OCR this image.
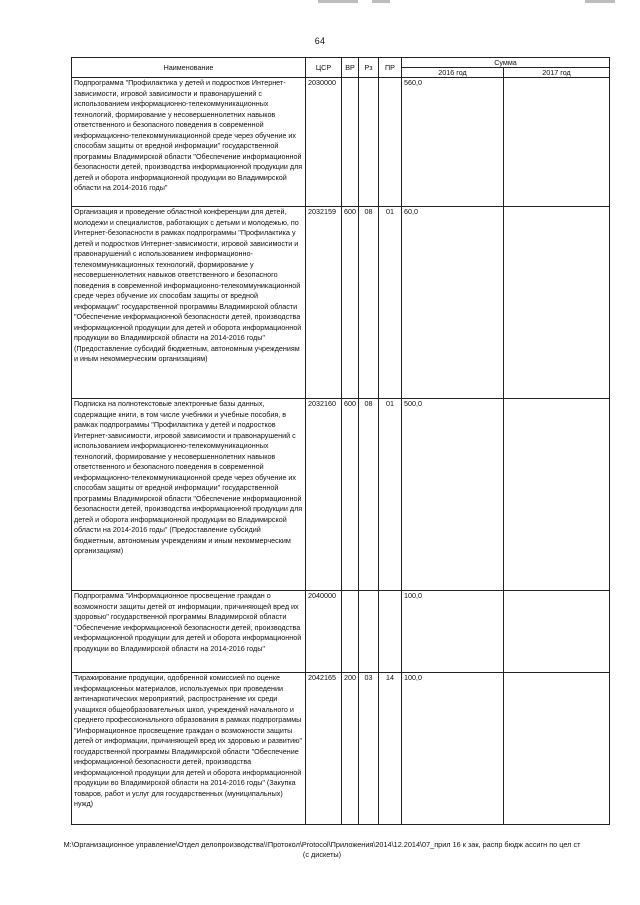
64
Наименование	ЦСР	ВР	Рз	ПР	Сумма	
					2016 год	2017 год
Подпрограмма "Профилактика у детей и подростков Интернет-зависимости, игровой зависимости и правонарушений с использованием информационно-телекоммуникационных технологий, формирование у несовершеннолетних навыков ответственного и безопасного поведения в современной информационно-телекоммуникационной среде через обучение их способам защиты от вредной информации" государственной программы Владимирской области "Обеспечение информационной безопасности детей, производства информационной продукции для детей и оборота информационной продукции во Владимирской области на 2014-2016 годы"	2030000				560,0	
Организация и проведение областной конференции для детей, молодежи и специалистов, работающих с детьми и молодежью, по Интернет-безопасности в рамках подпрограммы "Профилактика у детей и подростков Интернет-зависимости, игровой зависимости и правонарушений с использованием информационно-телекоммуникационных технологий, формирование у несовершеннолетних навыков ответственного и безопасного поведения в современной информационно-телекоммуникационной среде через обучение их способам защиты от вредной информации" государственной программы Владимирской области "Обеспечение информационной безопасности детей, производства информационной продукции для детей и оборота информационной продукции во Владимирской области на 2014-2016 годы" (Предоставление субсидий бюджетным, автономным учреждениям и иным некоммерческим организациям)	2032159	600	08	01	60,0	
Подписка на полнотекстовые электронные базы данных, содержащие книги, в том числе учебники и учебные пособия, в рамках подпрограммы "Профилактика у детей и подростков Интернет-зависимости, игровой зависимости и правонарушений с использованием информационно-телекоммуникационных технологий, формирование у несовершеннолетних навыков ответственного и безопасного поведения в современной информационно-телекоммуникационной среде через обучение их способам защиты от вредной информации" государственной программы Владимирской области "Обеспечение информационной безопасности детей, производства информационной продукции для детей и оборота информационной продукции во Владимирской области на 2014-2016 годы" (Предоставление субсидий бюджетным, автономным учреждениям и иным некоммерческим организациям)	2032160	600	08	01	500,0	
Подпрограмма "Информационное просвещение граждан о возможности защиты детей от информации, причиняющей вред их здоровью" государственной программы Владимирской области "Обеспечение информационной безопасности детей, производства информационной продукции для детей и оборота информационной продукции во Владимирской области на 2014-2016 годы"	2040000				100,0	
Тиражирование продукции, одобренной комиссией по оценке информационных материалов, используемых при проведении антинаркотических мероприятий, распространение их среди учащихся общеобразовательных школ, учреждений начального и среднего профессионального образования в рамках подпрограммы "Информационное просвещение граждан о возможности защиты детей от информации, причиняющей вред их здоровью и развитию" государственной программы Владимирской области "Обеспечение информационной безопасности детей, производства информационной продукции для детей и оборота информационной продукции во Владимирской области на 2014-2016 годы" (Закупка товаров, работ и услуг для государственных (муниципальных) нужд)	2042165	200	03	14	100,0	
М:\Организационное управление\Отдел делопроизводства\!Протокол\Protocol\Приложения\2014\12.2014\07_прил 16 к зак, распр бюдж ассигн по цел ст (с дискеты)
